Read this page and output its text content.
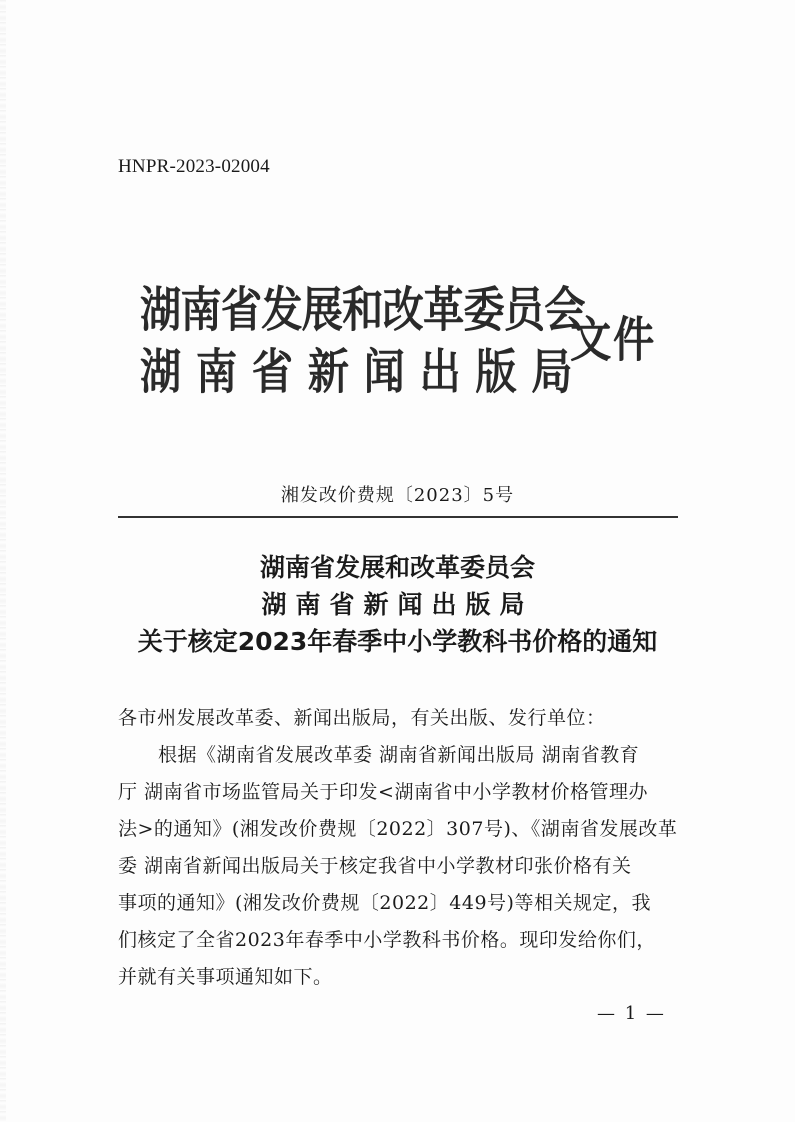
HNPR-2023-02004
湖南省发展和改革委员会
湖南省新闻出版局
文件
湘发改价费规〔2023〕5号
湖南省发展和改革委员会
湖南省新闻出版局
关于核定2023年春季中小学教科书价格的通知

各市州发展改革委、新闻出版局，有关出版、发行单位：

根据《湖南省发展改革委 湖南省新闻出版局 湖南省教育

厅 湖南省市场监管局关于印发<湖南省中小学教材价格管理办

法>的通知》(湘发改价费规〔2022〕307号)、《湖南省发展改革

委 湖南省新闻出版局关于核定我省中小学教材印张价格有关

事项的通知》(湘发改价费规〔2022〕449号)等相关规定，我

们核定了全省2023年春季中小学教科书价格。现印发给你们，

并就有关事项通知如下。

— 1 —
